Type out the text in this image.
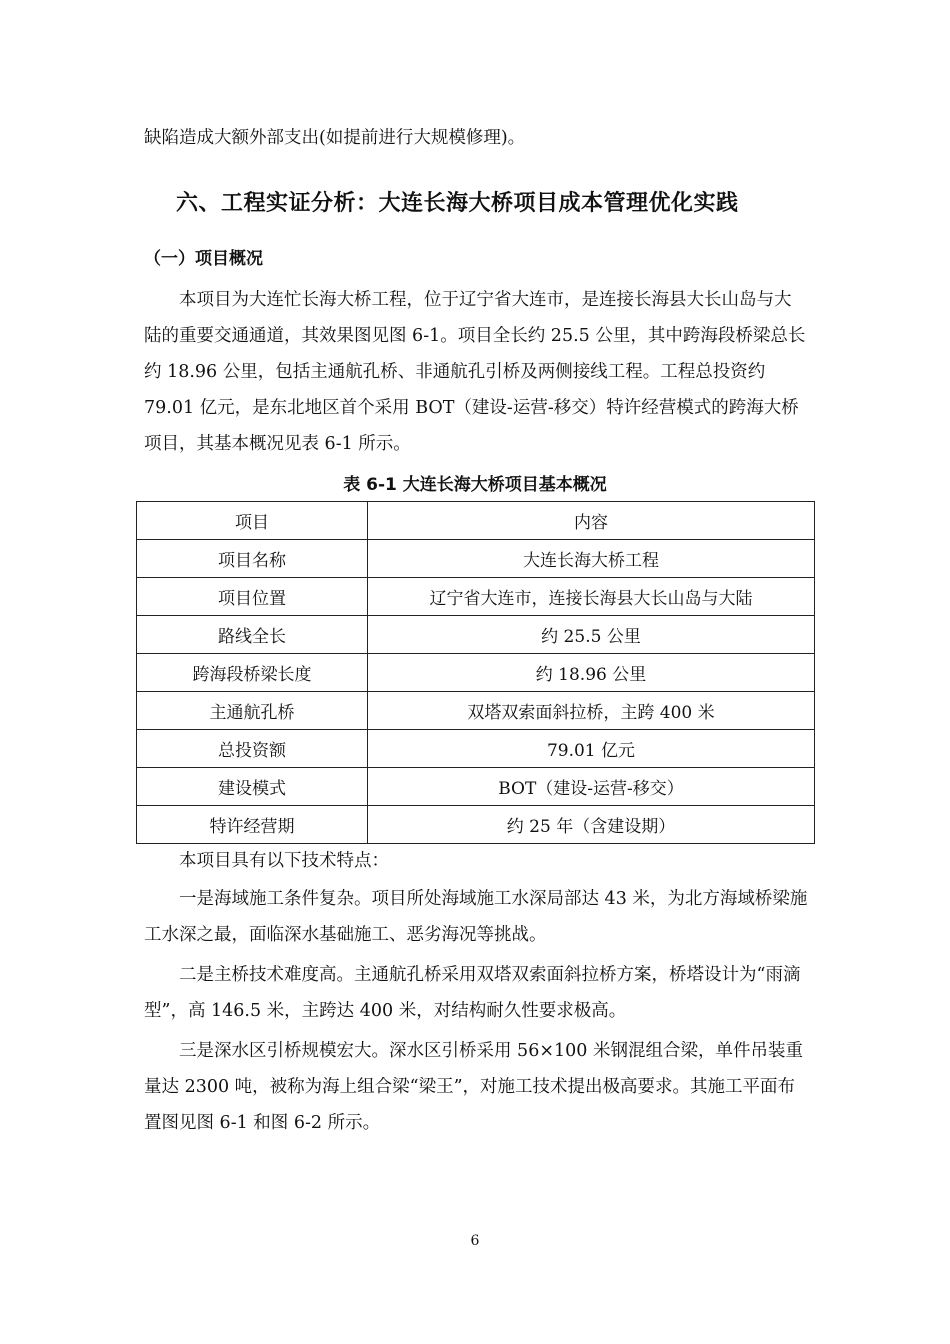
缺陷造成大额外部支出(如提前进行大规模修理)。

六、工程实证分析：大连长海大桥项目成本管理优化实践
（一）项目概况

本项目为大连忙长海大桥工程，位于辽宁省大连市，是连接长海县大长山岛与大陆的重要交通通道，其效果图见图 6-1。项目全长约 25.5 公里，其中跨海段桥梁总长约 18.96 公里，包括主通航孔桥、非通航孔引桥及两侧接线工程。工程总投资约 79.01 亿元，是东北地区首个采用 BOT（建设-运营-移交）特许经营模式的跨海大桥项目，其基本概况见表 6-1 所示。

表 6-1 大连长海大桥项目基本概况

项目	内容
项目名称	大连长海大桥工程
项目位置	辽宁省大连市，连接长海县大长山岛与大陆
路线全长	约 25.5 公里
跨海段桥梁长度	约 18.96 公里
主通航孔桥	双塔双索面斜拉桥，主跨 400 米
总投资额	79.01 亿元
建设模式	BOT（建设-运营-移交）
特许经营期	约 25 年（含建设期）

本项目具有以下技术特点：

一是海域施工条件复杂。项目所处海域施工水深局部达 43 米，为北方海域桥梁施工水深之最，面临深水基础施工、恶劣海况等挑战。

二是主桥技术难度高。主通航孔桥采用双塔双索面斜拉桥方案，桥塔设计为“雨滴型”，高 146.5 米，主跨达 400 米，对结构耐久性要求极高。

三是深水区引桥规模宏大。深水区引桥采用 56×100 米钢混组合梁，单件吊装重量达 2300 吨，被称为海上组合梁“梁王”，对施工技术提出极高要求。其施工平面布置图见图 6-1 和图 6-2 所示。

6
